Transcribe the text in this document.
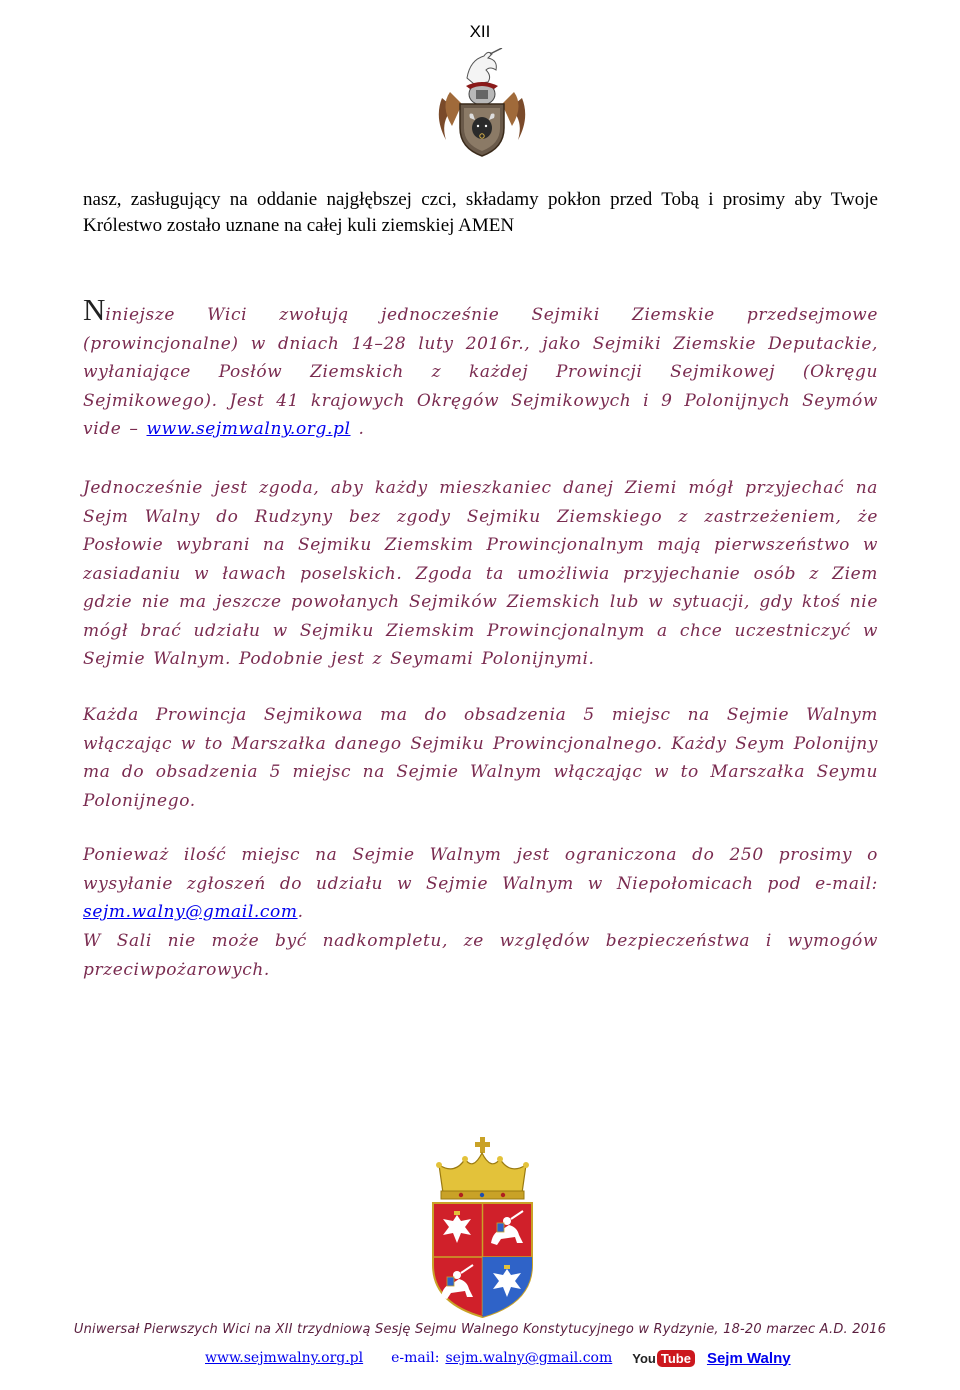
XII
nasz, zasługujący na oddanie najgłębszej czci, składamy pokłon przed Tobą i prosimy aby Twoje Królestwo zostało uznane na całej kuli ziemskiej AMEN
Niniejsze Wici zwołują jednocześnie Sejmiki Ziemskie przedsejmowe (prowincjonalne) w dniach 14–28 luty 2016r., jako Sejmiki Ziemskie Deputackie, wyłaniające Posłów Ziemskich z każdej Prowincji Sejmikowej (Okręgu Sejmikowego). Jest 41 krajowych Okręgów Sejmikowych i 9 Polonijnych Seymów vide – www.sejmwalny.org.pl .
Jednocześnie jest zgoda, aby każdy mieszkaniec danej Ziemi mógł przyjechać na Sejm Walny do Rudzyny bez zgody Sejmiku Ziemskiego z zastrzeżeniem, że Posłowie wybrani na Sejmiku Ziemskim Prowincjonalnym mają pierwszeństwo w zasiadaniu w ławach poselskich. Zgoda ta umożliwia przyjechanie osób z Ziem gdzie nie ma jeszcze powołanych Sejmików Ziemskich lub w sytuacji, gdy ktoś nie mógł brać udziału w Sejmiku Ziemskim Prowincjonalnym a chce uczestniczyć w Sejmie Walnym. Podobnie jest z Seymami Polonijnymi.
Każda Prowincja Sejmikowa ma do obsadzenia 5 miejsc na Sejmie Walnym włączając w to Marszałka danego Sejmiku Prowincjonalnego. Każdy Seym Polonijny ma do obsadzenia 5 miejsc na Sejmie Walnym włączając w to Marszałka Seymu Polonijnego.
Ponieważ ilość miejsc na Sejmie Walnym jest ograniczona do 250 prosimy o wysyłanie zgłoszeń do udziału w Sejmie Walnym w Niepołomicach pod e-mail: sejm.walny@gmail.com.
W Sali nie może być nadkompletu, ze względów bezpieczeństwa i wymogów przeciwpożarowych.
Uniwersał Pierwszych Wici na XII trzydniową Sesję Sejmu Walnego Konstytucyjnego w Rydzynie, 18-20 marzec A.D. 2016
www.sejmwalny.org.pl e-mail: sejm.walny@gmail.com You Tube Sejm Walny
